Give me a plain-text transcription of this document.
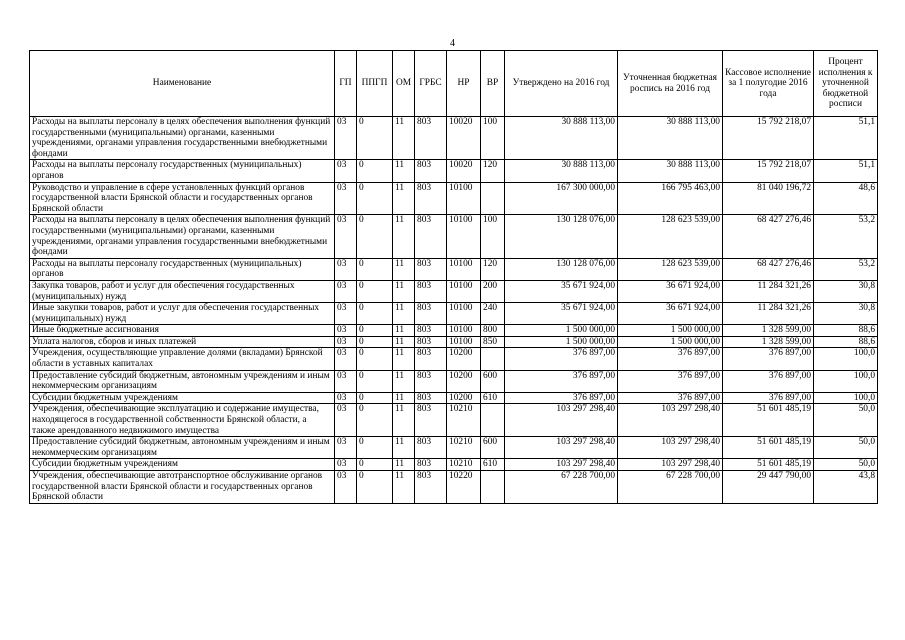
4
Наименование	ГП	ППГП	ОМ	ГРБС	НР	ВР	Утверждено на 2016 год	Уточненная бюджетная роспись на 2016 год	Кассовое исполнение за 1 полугодие 2016 года	Процент исполнения к уточненной бюджетной росписи
Расходы на выплаты персоналу в целях обеспечения выполнения функций государственными (муниципальными) органами, казенными учреждениями, органами управления государственными внебюджетными фондами	03	0	11	803	10020	100	30 888 113,00	30 888 113,00	15 792 218,07	51,1
Расходы на выплаты персоналу государственных (муниципальных) органов	03	0	11	803	10020	120	30 888 113,00	30 888 113,00	15 792 218,07	51,1
Руководство и управление в сфере установленных функций органов государственной власти Брянской области и государственных органов Брянской области	03	0	11	803	10100		167 300 000,00	166 795 463,00	81 040 196,72	48,6
Расходы на выплаты персоналу в целях обеспечения выполнения функций государственными (муниципальными) органами, казенными учреждениями, органами управления государственными внебюджетными фондами	03	0	11	803	10100	100	130 128 076,00	128 623 539,00	68 427 276,46	53,2
Расходы на выплаты персоналу государственных (муниципальных) органов	03	0	11	803	10100	120	130 128 076,00	128 623 539,00	68 427 276,46	53,2
Закупка товаров, работ и услуг для обеспечения государственных (муниципальных) нужд	03	0	11	803	10100	200	35 671 924,00	36 671 924,00	11 284 321,26	30,8
Иные закупки товаров, работ и услуг для обеспечения государственных (муниципальных) нужд	03	0	11	803	10100	240	35 671 924,00	36 671 924,00	11 284 321,26	30,8
Иные бюджетные ассигнования	03	0	11	803	10100	800	1 500 000,00	1 500 000,00	1 328 599,00	88,6
Уплата налогов, сборов и иных платежей	03	0	11	803	10100	850	1 500 000,00	1 500 000,00	1 328 599,00	88,6
Учреждения, осуществляющие управление долями (вкладами) Брянской области в уставных капиталах	03	0	11	803	10200		376 897,00	376 897,00	376 897,00	100,0
Предоставление субсидий бюджетным, автономным учреждениям и иным некоммерческим организациям	03	0	11	803	10200	600	376 897,00	376 897,00	376 897,00	100,0
Субсидии бюджетным учреждениям	03	0	11	803	10200	610	376 897,00	376 897,00	376 897,00	100,0
Учреждения, обеспечивающие эксплуатацию и содержание имущества, находящегося в государственной собственности Брянской области, а также арендованного недвижимого имущества	03	0	11	803	10210		103 297 298,40	103 297 298,40	51 601 485,19	50,0
Предоставление субсидий бюджетным, автономным учреждениям и иным некоммерческим организациям	03	0	11	803	10210	600	103 297 298,40	103 297 298,40	51 601 485,19	50,0
Субсидии бюджетным учреждениям	03	0	11	803	10210	610	103 297 298,40	103 297 298,40	51 601 485,19	50,0
Учреждения, обеспечивающие автотранспортное обслуживание органов государственной власти Брянской области и государственных органов Брянской области	03	0	11	803	10220		67 228 700,00	67 228 700,00	29 447 790,00	43,8
